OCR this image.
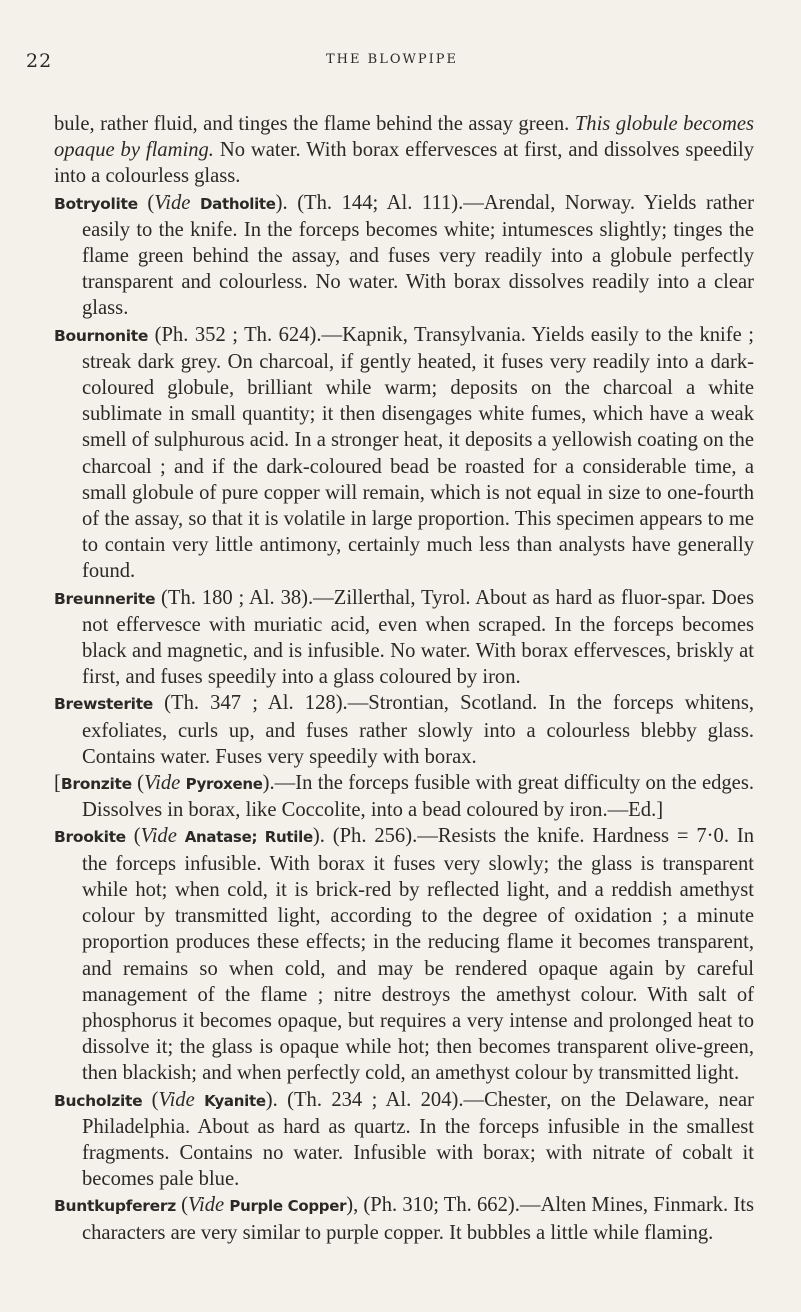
22	THE BLOWPIPE

bule, rather fluid, and tinges the flame behind the assay green. This globule becomes opaque by flaming. No water. With borax effervesces at first, and dissolves speedily into a colourless glass.

Botryolite (Vide Datholite). (Th. 144; Al. 111).—Arendal, Norway. Yields rather easily to the knife. In the forceps becomes white; intumesces slightly; tinges the flame green behind the assay, and fuses very readily into a globule perfectly transparent and colourless. No water. With borax dissolves readily into a clear glass.

Bournonite (Ph. 352 ; Th. 624).—Kapnik, Transylvania. Yields easily to the knife ; streak dark grey. On charcoal, if gently heated, it fuses very readily into a dark-coloured globule, brilliant while warm; deposits on the charcoal a white sublimate in small quantity; it then disengages white fumes, which have a weak smell of sulphurous acid. In a stronger heat, it deposits a yellowish coating on the charcoal ; and if the dark-coloured bead be roasted for a considerable time, a small globule of pure copper will remain, which is not equal in size to one-fourth of the assay, so that it is volatile in large proportion. This specimen appears to me to contain very little antimony, certainly much less than analysts have generally found.

Breunnerite (Th. 180 ; Al. 38).—Zillerthal, Tyrol. About as hard as fluor-spar. Does not effervesce with muriatic acid, even when scraped. In the forceps becomes black and magnetic, and is infusible. No water. With borax effervesces, briskly at first, and fuses speedily into a glass coloured by iron.

Brewsterite (Th. 347 ; Al. 128).—Strontian, Scotland. In the forceps whitens, exfoliates, curls up, and fuses rather slowly into a colourless blebby glass. Contains water. Fuses very speedily with borax.

[Bronzite (Vide Pyroxene).—In the forceps fusible with great difficulty on the edges. Dissolves in borax, like Coccolite, into a bead coloured by iron.—Ed.]

Brookite (Vide Anatase; Rutile). (Ph. 256).—Resists the knife. Hardness = 7·0. In the forceps infusible. With borax it fuses very slowly; the glass is transparent while hot; when cold, it is brick-red by reflected light, and a reddish amethyst colour by transmitted light, according to the degree of oxidation ; a minute proportion produces these effects; in the reducing flame it becomes transparent, and remains so when cold, and may be rendered opaque again by careful management of the flame ; nitre destroys the amethyst colour. With salt of phosphorus it becomes opaque, but requires a very intense and prolonged heat to dissolve it; the glass is opaque while hot; then becomes transparent olive-green, then blackish; and when perfectly cold, an amethyst colour by transmitted light.

Bucholzite (Vide Kyanite). (Th. 234 ; Al. 204).—Chester, on the Delaware, near Philadelphia. About as hard as quartz. In the forceps infusible in the smallest fragments. Contains no water. Infusible with borax; with nitrate of cobalt it becomes pale blue.

Buntkupfererz (Vide Purple Copper), (Ph. 310; Th. 662).—Alten Mines, Finmark. Its characters are very similar to purple copper. It bubbles a little while flaming.
